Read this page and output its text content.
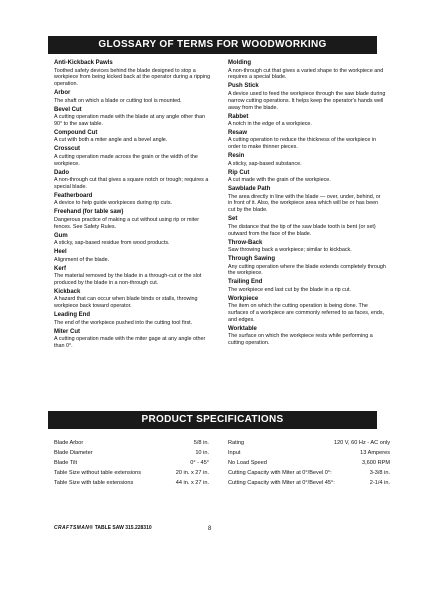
GLOSSARY OF TERMS FOR WOODWORKING
Anti-Kickback Pawls
Toothed safety devices behind the blade designed to stop a workpiece from being kicked back at the operator during a ripping operation.
Arbor
The shaft on which a blade or cutting tool is mounted.
Bevel Cut
A cutting operation made with the blade at any angle other than 90° to the saw table.
Compound Cut
A cut with both a miter angle and a bevel angle.
Crosscut
A cutting operation made across the grain or the width of the workpiece.
Dado
A non-through cut that gives a square notch or trough; requires a special blade.
Featherboard
A device to help guide workpieces during rip cuts.
Freehand (for table saw)
Dangerous practice of making a cut without using rip or miter fences. See Safety Rules.
Gum
A sticky, sap-based residue from wood products.
Heel
Alignment of the blade.
Kerf
The material removed by the blade in a through-cut or the slot produced by the blade in a non-through cut.
Kickback
A hazard that can occur when blade binds or stalls, throwing workpiece back toward operator.
Leading End
The end of the workpiece pushed into the cutting tool first.
Miter Cut
A cutting operation made with the miter gage at any angle other than 0°.
Molding
A non-through cut that gives a varied shape to the workpiece and requires a special blade.
Push Stick
A device used to feed the workpiece through the saw blade during narrow cutting operations. It helps keep the operator's hands well away from the blade.
Rabbet
A notch in the edge of a workpiece.
Resaw
A cutting operation to reduce the thickness of the workpiece in order to make thinner pieces.
Resin
A sticky, sap-based substance.
Rip Cut
A cut made with the grain of the workpiece.
Sawblade Path
The area directly in line with the blade — over, under, behind, or in front of it. Also, the workpiece area which will be or has been cut by the blade.
Set
The distance that the tip of the saw blade tooth is bent (or set) outward from the face of the blade.
Throw-Back
Saw throwing back a workpiece; similar to kickback.
Through Sawing
Any cutting operation where the blade extends completely through the workpiece.
Trailing End
The workpiece end last cut by the blade in a rip cut.
Workpiece
The item on which the cutting operation is being done. The surfaces of a workpiece are commonly referred to as faces, ends, and edges.
Worktable
The surface on which the workpiece rests while performing a cutting operation.
PRODUCT SPECIFICATIONS
Blade Arbor	5/8 in.
Blade Diameter	10 in.
Blade Tilt	0° - 45°
Table Size without table extensions	20 in. x 27 in.
Table Size with table extensions	44 in. x 27 in.
Rating	120 V, 60 Hz - AC only
Input	13 Amperes
No Load Speed	3,600 RPM
Cutting Capacity with Miter at 0°/Bevel 0°:	3-3/8 in.
Cutting Capacity with Miter at 0°/Bevel 45°:	2-1/4 in.
CRAFTSMAN® TABLE SAW 315.228310	8
